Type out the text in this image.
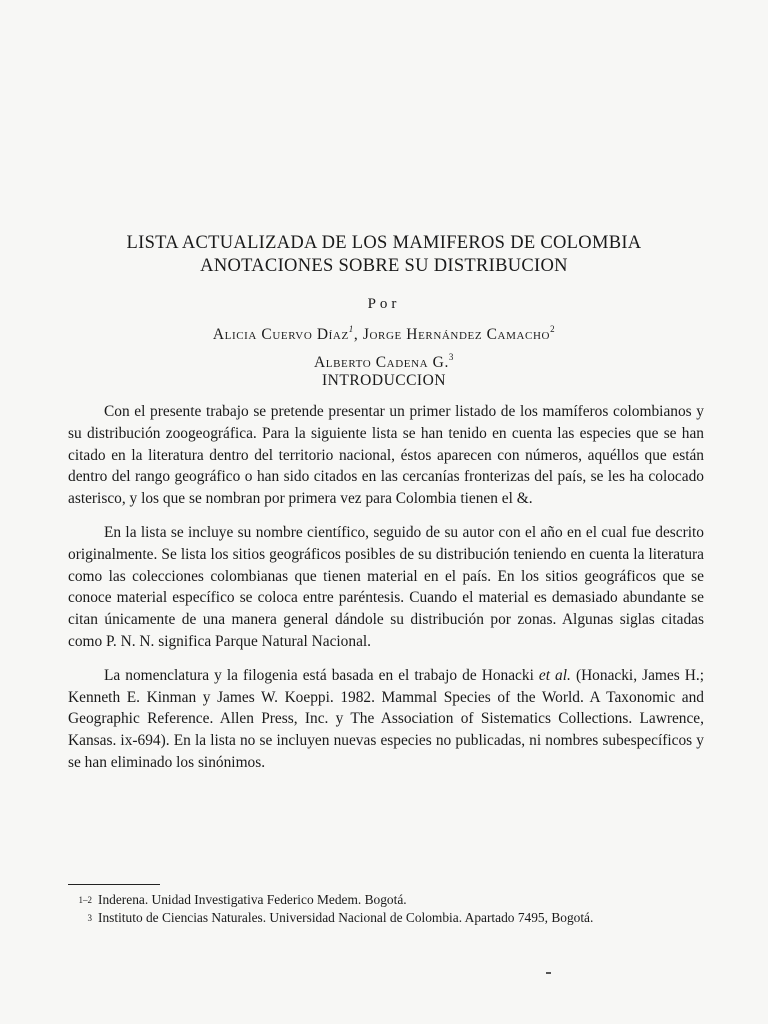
LISTA ACTUALIZADA DE LOS MAMIFEROS DE COLOMBIA
ANOTACIONES SOBRE SU DISTRIBUCION
Por
Alicia Cuervo Díaz$^1$, Jorge Hernández Camacho$^2$
Alberto Cadena G.$^3$
INTRODUCCION

Con el presente trabajo se pretende presentar un primer listado de los mamíferos colombianos y su distribución zoogeográfica. Para la siguiente lista se han tenido en cuenta las especies que se han citado en la literatura dentro del territorio nacional, éstos aparecen con números, aquéllos que están dentro del rango geográfico o han sido citados en las cercanías fronterizas del país, se les ha colocado asterisco, y los que se nombran por primera vez para Colombia tienen el &.

En la lista se incluye su nombre científico, seguido de su autor con el año en el cual fue descrito originalmente. Se lista los sitios geográficos posibles de su distribución teniendo en cuenta la literatura como las colecciones colombianas que tienen material en el país. En los sitios geográficos que se conoce material específico se coloca entre paréntesis. Cuando el material es demasiado abundante se citan únicamente de una manera general dándole su distribución por zonas. Algunas siglas citadas como P. N. N. significa Parque Natural Nacional.

La nomenclatura y la filogenia está basada en el trabajo de Honacki et al. (Honacki, James H.; Kenneth E. Kinman y James W. Koeppi. 1982. Mammal Species of the World. A Taxonomic and Geographic Reference. Allen Press, Inc. y The Association of Sistematics Collections. Lawrence, Kansas. ix-694). En la lista no se incluyen nuevas especies no publicadas, ni nombres subespecíficos y se han eliminado los sinónimos.

1–2 Inderena. Unidad Investigativa Federico Medem. Bogotá.
3 Instituto de Ciencias Naturales. Universidad Nacional de Colombia. Apartado 7495, Bogotá.
